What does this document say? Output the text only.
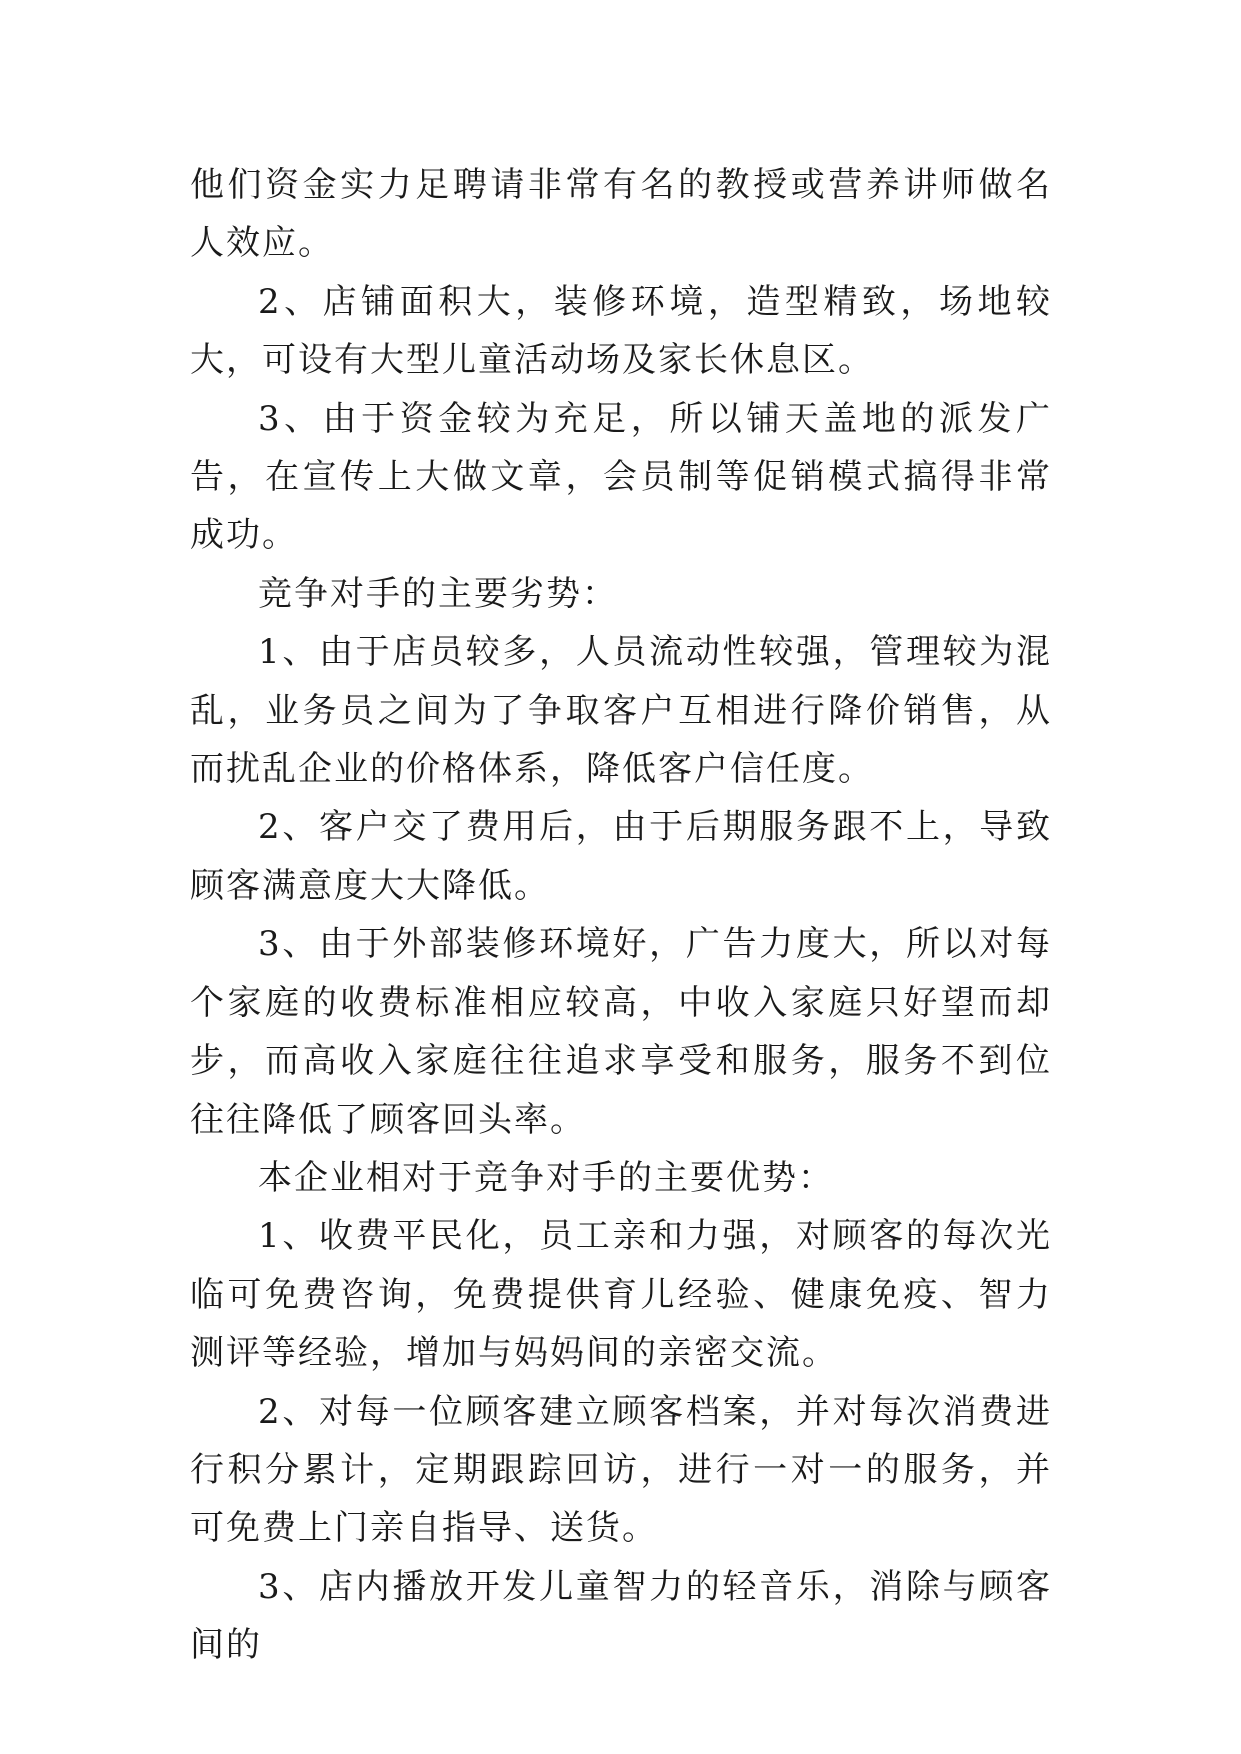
他们资金实力足聘请非常有名的教授或营养讲师做名人效应。

2、店铺面积大，装修环境，造型精致，场地较大，可设有大型儿童活动场及家长休息区。

3、由于资金较为充足，所以铺天盖地的派发广告，在宣传上大做文章，会员制等促销模式搞得非常成功。

竞争对手的主要劣势：

1、由于店员较多，人员流动性较强，管理较为混乱，业务员之间为了争取客户互相进行降价销售，从而扰乱企业的价格体系，降低客户信任度。

2、客户交了费用后，由于后期服务跟不上，导致顾客满意度大大降低。

3、由于外部装修环境好，广告力度大，所以对每个家庭的收费标准相应较高，中收入家庭只好望而却步，而高收入家庭往往追求享受和服务，服务不到位往往降低了顾客回头率。

本企业相对于竞争对手的主要优势：

1、收费平民化，员工亲和力强，对顾客的每次光临可免费咨询，免费提供育儿经验、健康免疫、智力测评等经验，增加与妈妈间的亲密交流。

2、对每一位顾客建立顾客档案，并对每次消费进行积分累计，定期跟踪回访，进行一对一的服务，并可免费上门亲自指导、送货。

3、店内播放开发儿童智力的轻音乐，消除与顾客间的
